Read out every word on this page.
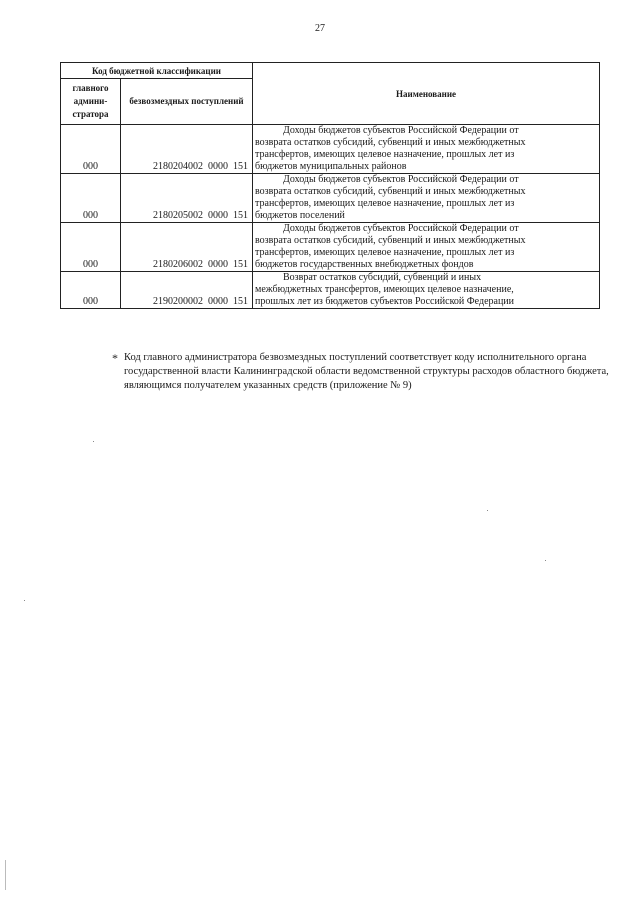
27
Код бюджетной классификации		Наименование
главного админи-стратора	безвозмездных поступлений	
000	2180204002  0000  151	Доходы бюджетов субъектов Российской Федерации от
возврата остатков субсидий, субвенций и иных межбюджетных
трансфертов, имеющих целевое назначение, прошлых лет из
бюджетов муниципальных районов

000	2180205002  0000  151	Доходы бюджетов субъектов Российской Федерации от
возврата остатков субсидий, субвенций и иных межбюджетных
трансфертов, имеющих целевое назначение, прошлых лет из
бюджетов поселений

000	2180206002  0000  151	Доходы бюджетов субъектов Российской Федерации от
возврата остатков субсидий, субвенций и иных межбюджетных
трансфертов, имеющих целевое назначение, прошлых лет из
бюджетов государственных внебюджетных фондов

000	2190200002  0000  151	Возврат остатков субсидий, субвенций и иных
межбюджетных трансфертов, имеющих целевое назначение,
прошлых лет из бюджетов субъектов Российской Федерации
* Код главного администратора безвозмездных поступлений соответствует коду исполнительного органа государственной власти Калининградской области ведомственной структуры расходов областного бюджета, являющимся получателем указанных средств (приложение № 9)
